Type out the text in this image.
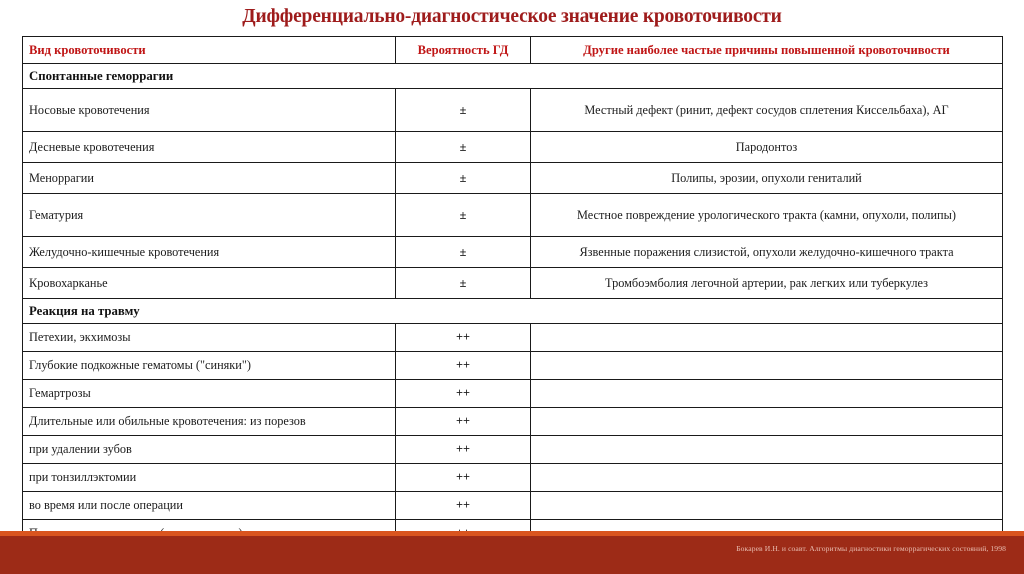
Дифференциально-диагностическое значение кровоточивости
Вид кровоточивости	Вероятность ГД	Другие наиболее частые причины повышенной кровоточивости
Спонтанные геморрагии		
Носовые кровотечения	±	Местный дефект (ринит, дефект сосудов сплетения Киссельбаха), АГ
Десневые кровотечения	±	Пародонтоз
Меноррагии	±	Полипы, эрозии, опухоли гениталий
Гематурия	±	Местное повреждение урологического тракта (камни, опухоли, полипы)
Желудочно-кишечные кровотечения	±	Язвенные поражения слизистой, опухоли желудочно-кишечного тракта
Кровохарканье	±	Тромбоэмболия легочной артерии, рак легких или туберкулез
Реакция на травму		
Петехии, экхимозы	++	
Глубокие подкожные гематомы ("синяки")	++	
Гемартрозы	++	
Длительные или обильные кровотечения: из порезов	++	
при удалении зубов	++	
при тонзиллэктомии	++	
во время или после операции	++	

Бокарев И.Н. и соавт. Алгоритмы диагностики геморрагических состояний, 1998
